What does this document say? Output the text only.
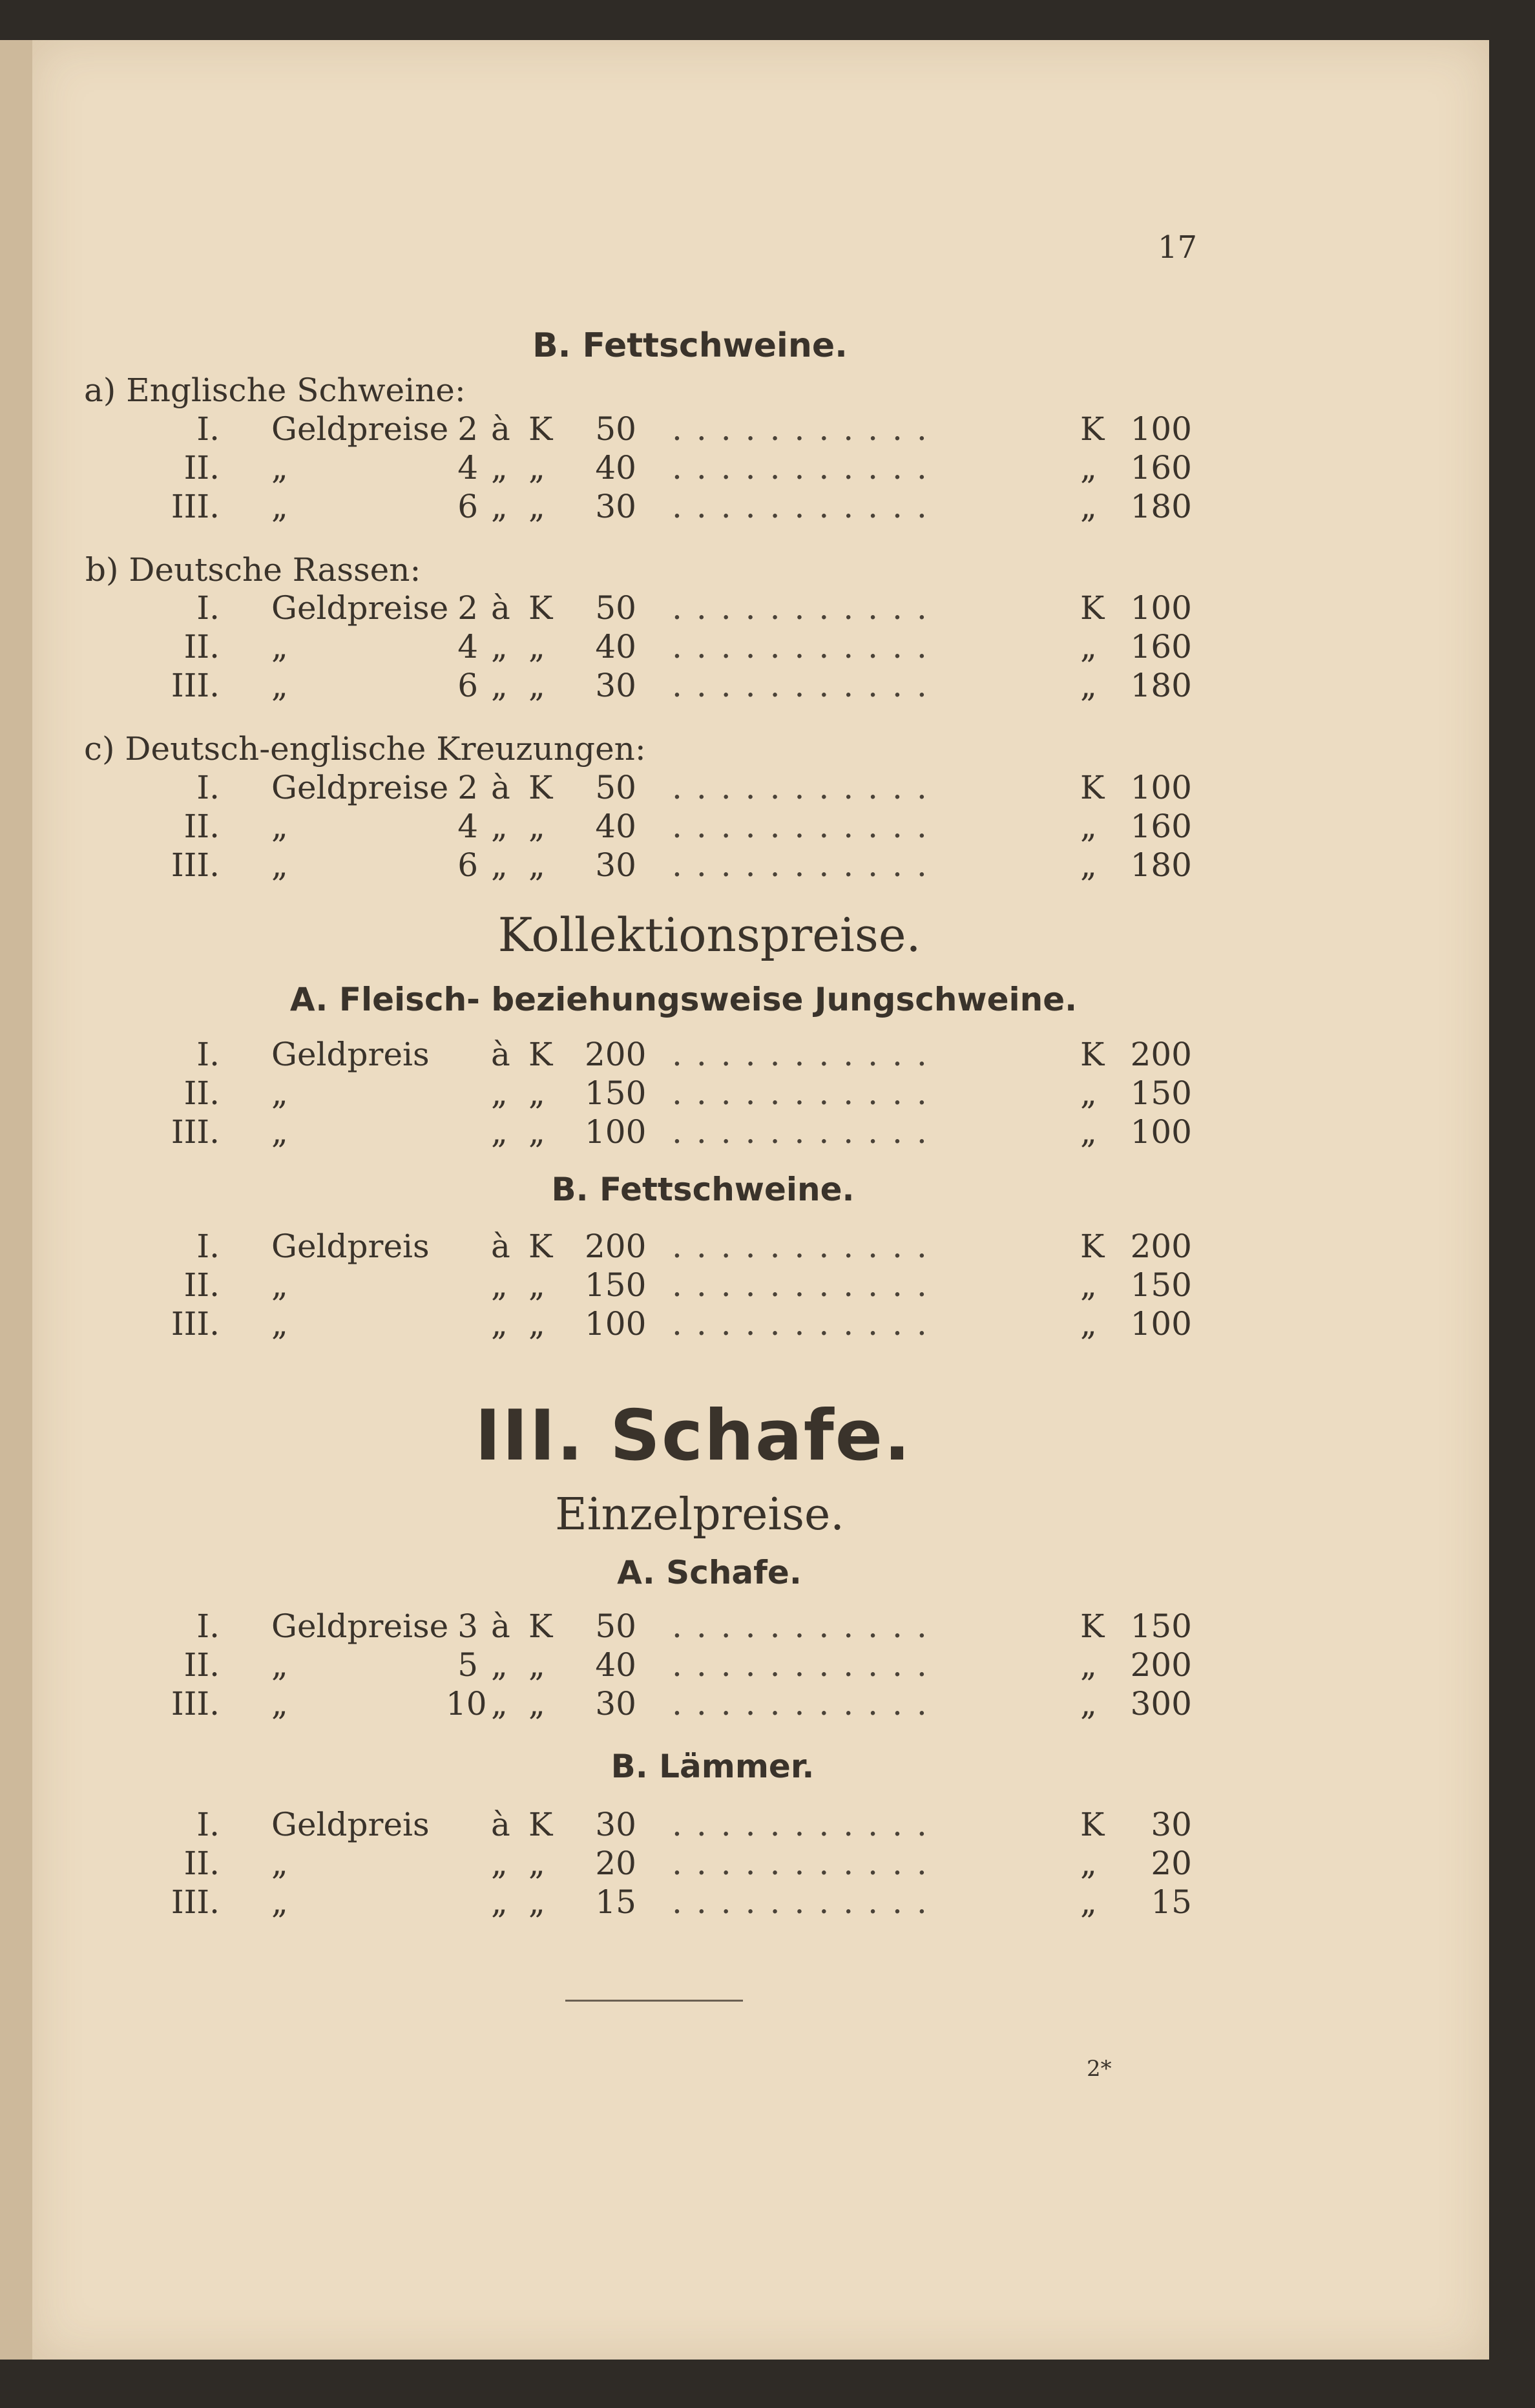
17
B. Fettschweine.
a) Englische Schweine:
I. Geldpreise 2 à K	50 ...........	K 100
II. „	4 „ „	40 ...........	„ 160
III. „	6 „ „	30 ...........	„ 180
b) Deutsche Rassen:
I. Geldpreise 2 à K	50 ...........	K 100
II. „	4 „ „	40 ...........	„ 160
III. „	6 „ „	30 ...........	„ 180
c) Deutsch-englische Kreuzungen:
I. Geldpreise 2 à K	50 ...........	K 100
II. „	4 „ „	40 ...........	„ 160
III. „	6 „ „	30 ...........	„ 180
Kollektionspreise.
A. Fleisch- beziehungsweise Jungschweine.
I. Geldpreis à K 200 ...........	K 200
II. „	„ „ 150 ...........	„ 150
III. „	„ „ 100 ...........	„ 100
B. Fettschweine.
I. Geldpreis à K 200 ...........	K 200
II. „	„ „ 150 ...........	„ 150
III. „	„ „ 100 ...........	„ 100
III. Schafe.
Einzelpreise.
A. Schafe.
I. Geldpreise 3 à K	50 ...........	K 150
II. „	5 „ „	40 ...........	„ 200
III. „	10 „ „	30 ...........	„ 300
B. Lämmer.
I. Geldpreis à K	30 ...........	K	30
II. „	„ „	20 ...........	„	20
III. „	„ „	15 ...........	„	15
2*
